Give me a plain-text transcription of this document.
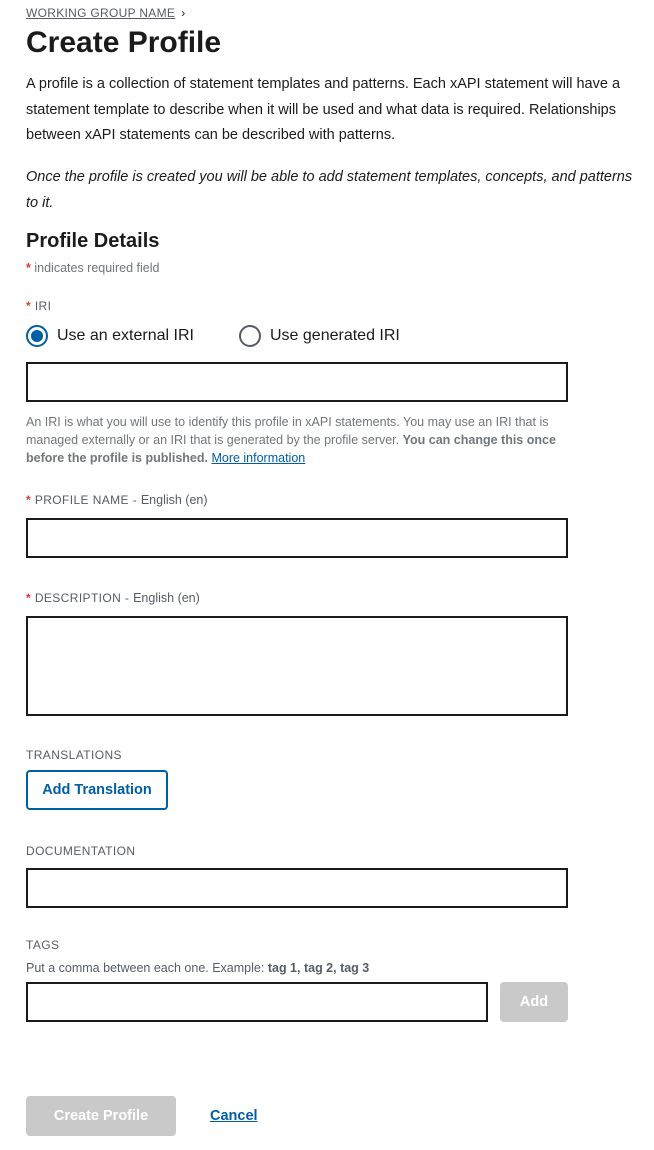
WORKING GROUP NAME ›
Create Profile

A profile is a collection of statement templates and patterns. Each xAPI statement will have a statement template to describe when it will be used and what data is required. Relationships between xAPI statements can be described with patterns.

Once the profile is created you will be able to add statement templates, concepts, and patterns to it.

Profile Details
* indicates required field
* IRI
Use an external IRI	Use generated IRI
An IRI is what you will use to identify this profile in xAPI statements. You may use an IRI that is managed externally or an IRI that is generated by the profile server. You can change this once before the profile is published. More information
* PROFILE NAME - English (en)
* DESCRIPTION - English (en)
TRANSLATIONS
Add Translation
DOCUMENTATION
TAGS
Put a comma between each one. Example: tag 1, tag 2, tag 3
Add
Create Profile	Cancel
